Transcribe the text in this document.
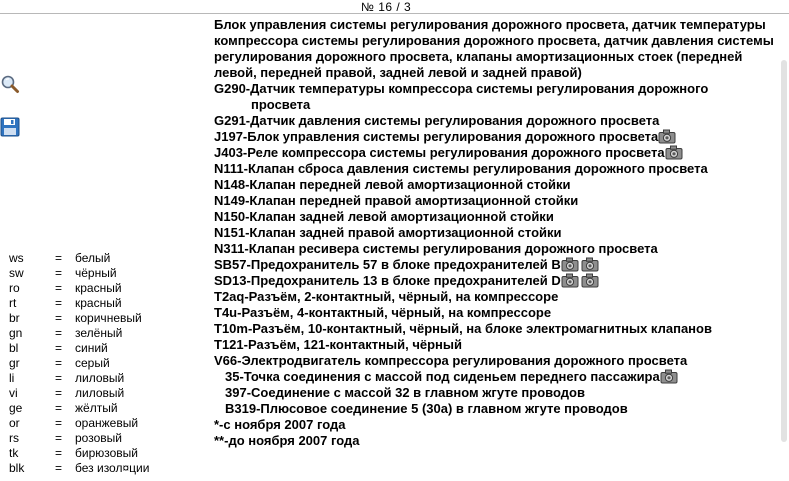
№ 16 / 3
ws	=	белый
sw	=	чёрный
ro	=	красный
rt	=	красный
br	=	коричневый
gn	=	зелёный
bl	=	синий
gr	=	серый
li	=	лиловый
vi	=	лиловый
ge	=	жёлтый
or	=	оранжевый
rs	=	розовый
tk	=	бирюзовый
blk	=	без изол¤ции
Блок управления системы регулирования дорожного просвета, датчик температуры компрессора системы регулирования дорожного просвета, датчик давления системы регулирования дорожного просвета, клапаны амортизационных стоек (передней левой, передней правой, задней левой и задней правой)
G290-Датчик температуры компрессора системы регулирования дорожного
просвета
G291-Датчик давления системы регулирования дорожного просвета
J197-Блок управления системы регулирования дорожного просвета
J403-Реле компрессора системы регулирования дорожного просвета
N111-Клапан сброса давления системы регулирования дорожного просвета
N148-Клапан передней левой амортизационной стойки
N149-Клапан передней правой амортизационной стойки
N150-Клапан задней левой амортизационной стойки
N151-Клапан задней правой амортизационной стойки
N311-Клапан ресивера системы регулирования дорожного просвета
SB57-Предохранитель 57 в блоке предохранителей В
SD13-Предохранитель 13 в блоке предохранителей D
T2aq-Разъём, 2-контактный, чёрный, на компрессоре
T4u-Разъём, 4-контактный, чёрный, на компрессоре
T10m-Разъём, 10-контактный, чёрный, на блоке электромагнитных клапанов
T121-Разъём, 121-контактный, чёрный
V66-Электродвигатель компрессора регулирования дорожного просвета
35-Точка соединения с массой под сиденьем переднего пассажира
397-Соединение с массой 32 в главном жгуте проводов
B319-Плюсовое соединение 5 (30a) в главном жгуте проводов
*-с ноября 2007 года
**-до ноября 2007 года
